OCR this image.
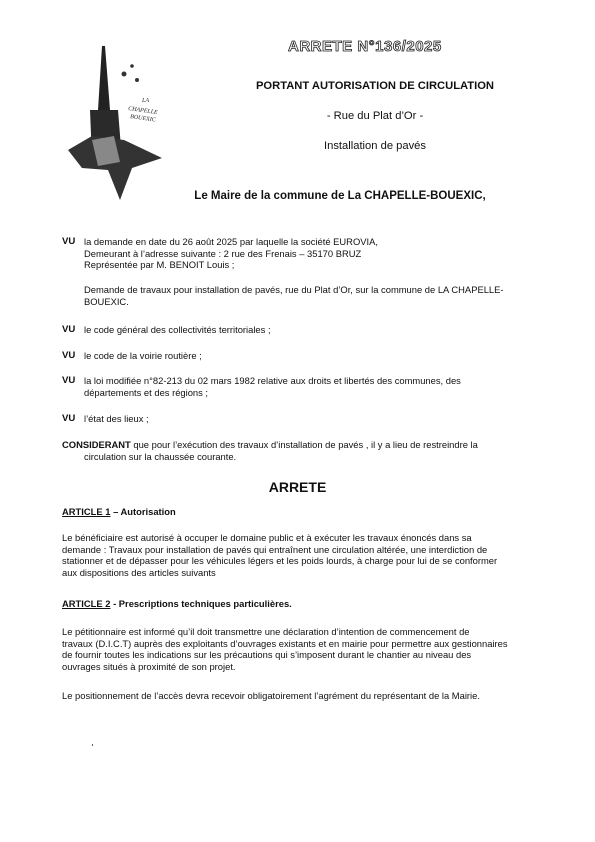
LA
CHAPELLE
BOUEXIC
ARRETE N°136/2025
PORTANT AUTORISATION DE CIRCULATION
- Rue du Plat d’Or -
Installation de pavés
Le Maire de la commune de La CHAPELLE-BOUEXIC,
VU la demande en date du 26 août 2025 par laquelle la société EUROVIA,
Demeurant à l’adresse suivante : 2 rue des Frenais – 35170 BRUZ
Représentée par M. BENOIT Louis ;
Demande de travaux pour installation de pavés, rue du Plat d’Or, sur la commune de LA CHAPELLE-
BOUEXIC.
VU le code général des collectivités territoriales ;
VU le code de la voirie routière ;
VU la loi modifiée n°82-213 du 02 mars 1982 relative aux droits et libertés des communes, des
départements et des régions ;
VU l’état des lieux ;
CONSIDERANT que pour l’exécution des travaux d’installation de pavés , il y a lieu de restreindre la
circulation sur la chaussée courante.
ARRETE
ARTICLE 1 – Autorisation
Le bénéficiaire est autorisé à occuper le domaine public et à exécuter les travaux énoncés dans sa
demande : Travaux pour installation de pavés qui entraînent une circulation altérée, une interdiction de
stationner et de dépasser pour les véhicules légers et les poids lourds, à charge pour lui de se conformer
aux dispositions des articles suivants
ARTICLE 2 - Prescriptions techniques particulières.
Le pétitionnaire est informé qu’il doit transmettre une déclaration d’intention de commencement de
travaux (D.I.C.T) auprès des exploitants d’ouvrages existants et en mairie pour permettre aux gestionnaires
de fournir toutes les indications sur les précautions qui s’imposent durant le chantier au niveau des
ouvrages situés à proximité de son projet.
Le positionnement de l’accès devra recevoir obligatoirement l’agrément du représentant de la Mairie.
